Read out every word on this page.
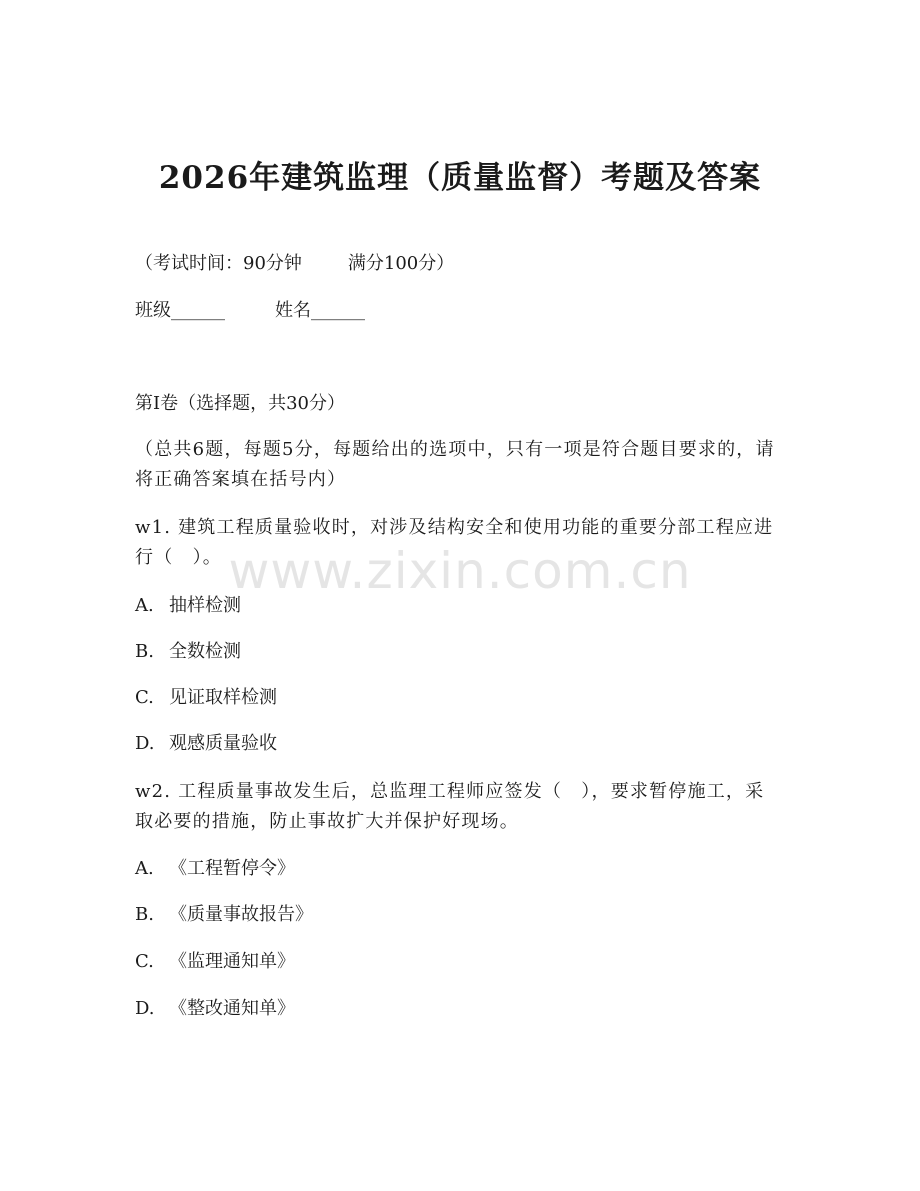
2026年建筑监理（质量监督）考题及答案
（考试时间：90分钟	满分100分）
班级______	姓名______
第Ⅰ卷（选择题，共30分）
（总共6题，每题5分，每题给出的选项中，只有一项是符合题目要求的，请将正确答案填在括号内）
w1. 建筑工程质量验收时，对涉及结构安全和使用功能的重要分部工程应进行（　）。
A. 抽样检测
B. 全数检测
C. 见证取样检测
D. 观感质量验收
w2. 工程质量事故发生后，总监理工程师应签发（　），要求暂停施工，采取必要的措施，防止事故扩大并保护好现场。
A. 《工程暂停令》
B. 《质量事故报告》
C. 《监理通知单》
D. 《整改通知单》
www.zixin.com.cn
